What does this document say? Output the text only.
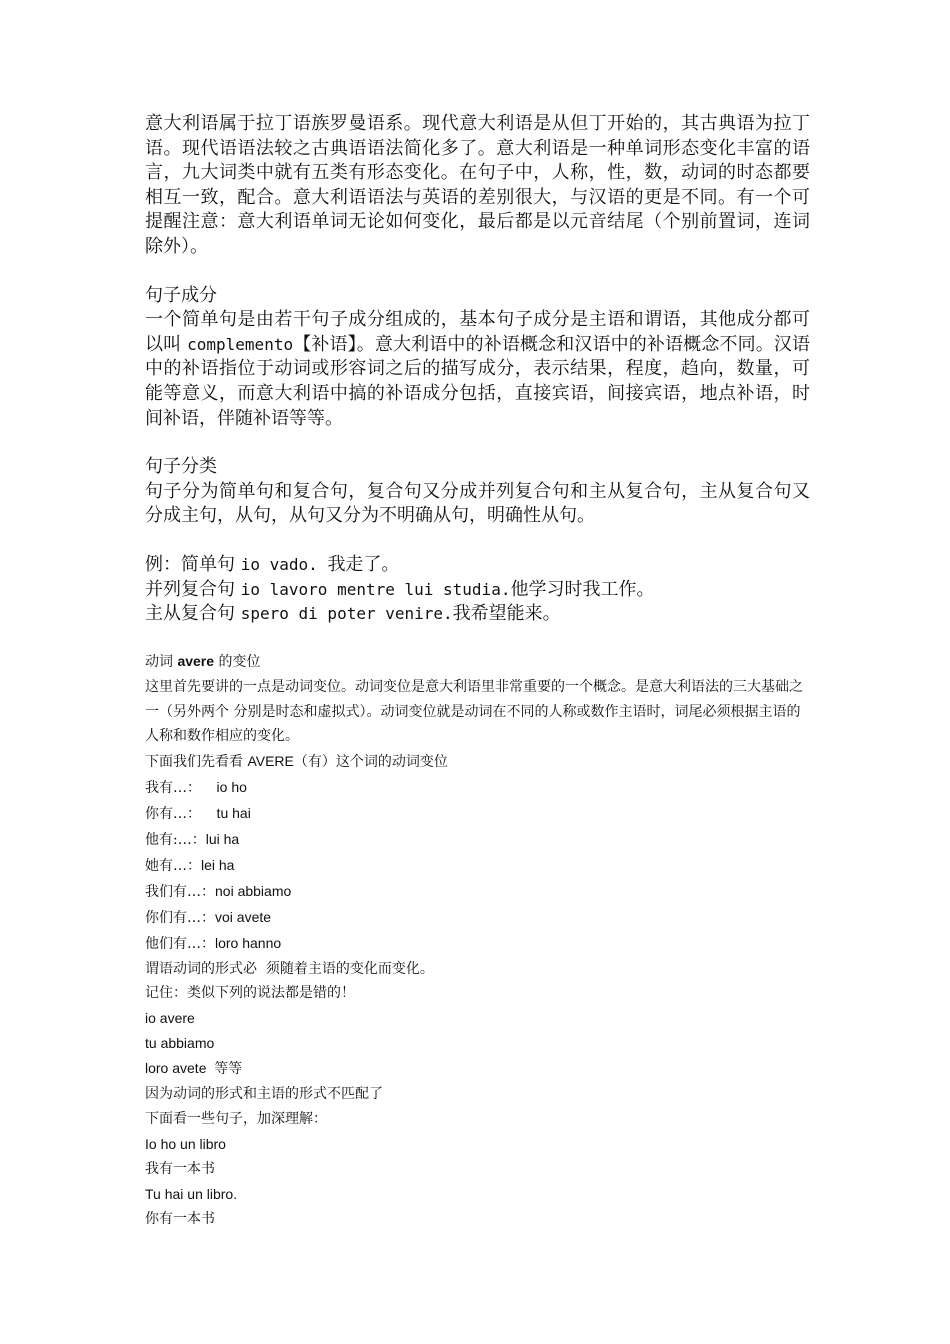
意大利语属于拉丁语族罗曼语系。现代意大利语是从但丁开始的，其古典语为拉丁语。现代语语法较之古典语语法简化多了。意大利语是一种单词形态变化丰富的语言，九大词类中就有五类有形态变化。在句子中，人称，性，数，动词的时态都要相互一致，配合。意大利语语法与英语的差别很大，与汉语的更是不同。有一个可提醒注意：意大利语单词无论如何变化，最后都是以元音结尾（个别前置词，连词除外）。

句子成分

一个简单句是由若干句子成分组成的，基本句子成分是主语和谓语，其他成分都可以叫 complemento【补语】。意大利语中的补语概念和汉语中的补语概念不同。汉语中的补语指位于动词或形容词之后的描写成分，表示结果，程度，趋向，数量，可能等意义，而意大利语中搞的补语成分包括，直接宾语，间接宾语，地点补语，时间补语，伴随补语等等。

句子分类

句子分为简单句和复合句，复合句又分成并列复合句和主从复合句，主从复合句又分成主句，从句，从句又分为不明确从句，明确性从句。

例：简单句 io vado. 我走了。

并列复合句 io lavoro mentre lui studia.他学习时我工作。

主从复合句 spero di poter venire.我希望能来。

动词 avere 的变位

这里首先要讲的一点是动词变位。动词变位是意大利语里非常重要的一个概念。是意大利语法的三大基础之一（另外两个 分别是时态和虚拟式）。动词变位就是动词在不同的人称或数作主语时，词尾必须根据主语的人称和数作相应的变化。

下面我们先看看 AVERE（有）这个词的动词变位

我有…：    io ho

你有…：    tu hai

他有:…：lui ha

她有…：lei ha

我们有…：noi abbiamo

你们有…：voi avete

他们有…：loro hanno

谓语动词的形式必  须随着主语的变化而变化。

记住：类似下列的说法都是错的！

io avere

tu abbiamo

loro avete  等等

因为动词的形式和主语的形式不匹配了

下面看一些句子，加深理解：

Io ho un libro

我有一本书

Tu hai un libro.

你有一本书
